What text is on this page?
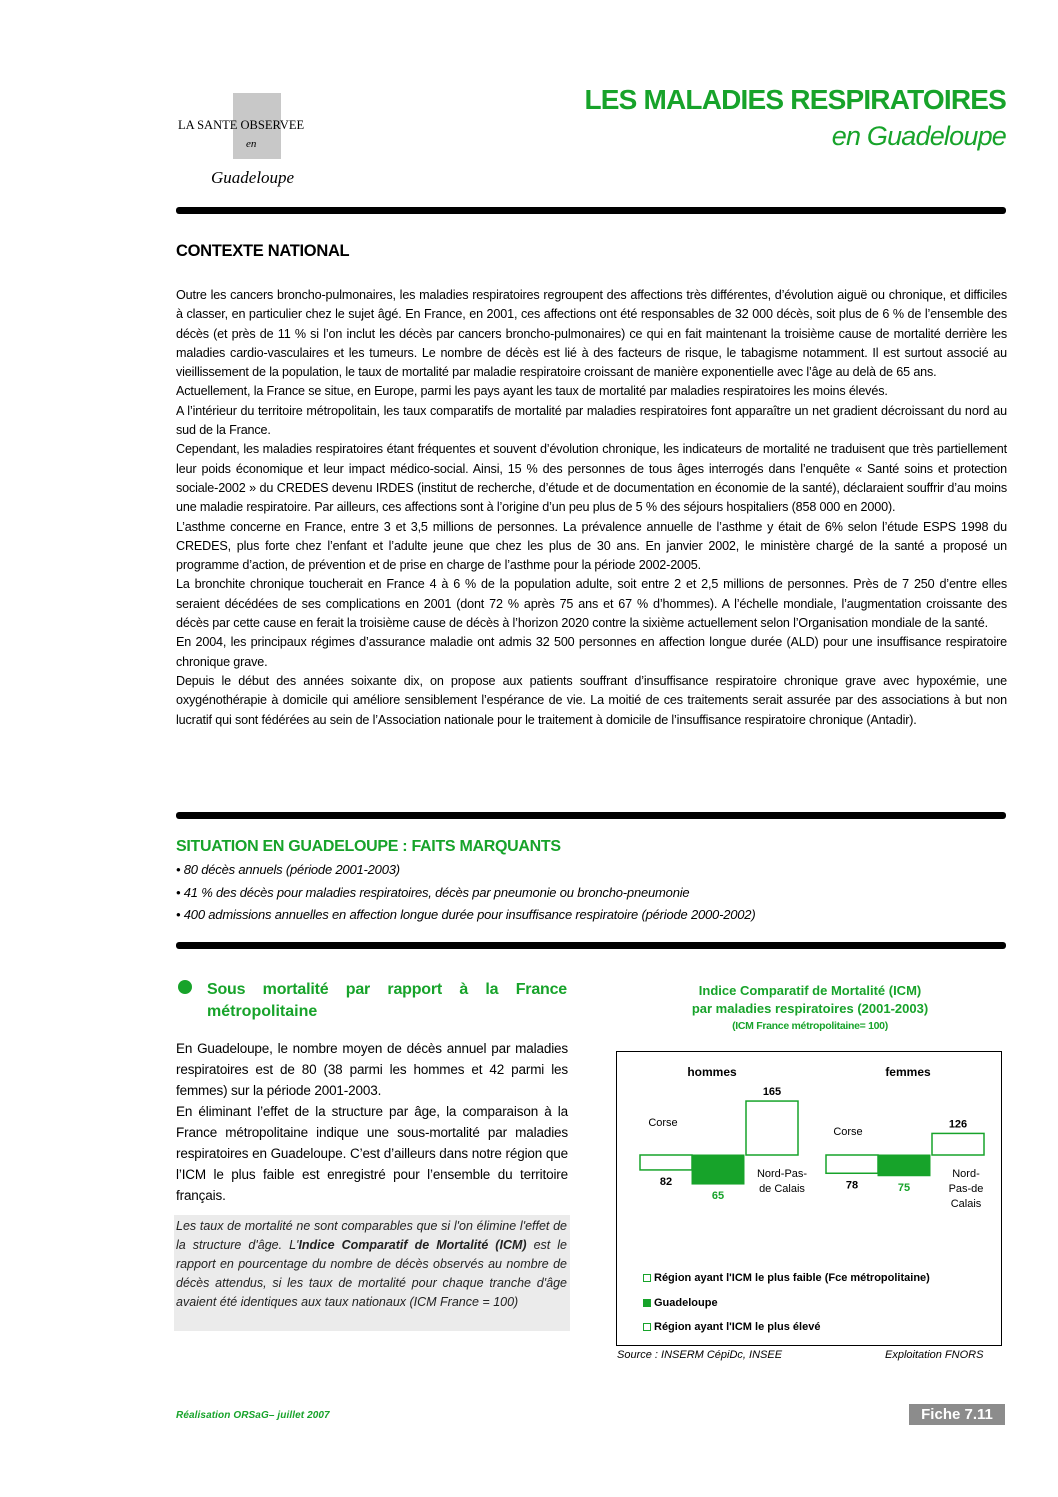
LA SANTE OBSERVEE
en
Guadeloupe
LES MALADIES RESPIRATOIRES
en Guadeloupe
CONTEXTE NATIONAL

Outre les cancers broncho-pulmonaires, les maladies respiratoires regroupent des affections très différentes, d’évolution aiguë ou chronique, et difficiles à classer, en particulier chez le sujet âgé. En France, en 2001, ces affections ont été responsables de 32 000 décès, soit plus de 6 % de l’ensemble des décès (et près de 11 % si l’on inclut les décès par cancers broncho-pulmonaires) ce qui en fait maintenant la troisième cause de mortalité derrière les maladies cardio-vasculaires et les tumeurs. Le nombre de décès est lié à des facteurs de risque, le tabagisme notamment. Il est surtout associé au vieillissement de la population, le taux de mortalité par maladie respiratoire croissant de manière exponentielle avec l’âge au delà de 65 ans.

Actuellement, la France se situe, en Europe, parmi les pays ayant les taux de mortalité par maladies respiratoires les moins élevés.

A l’intérieur du territoire métropolitain, les taux comparatifs de mortalité par maladies respiratoires font apparaître un net gradient décroissant du nord au sud de la France.

Cependant, les maladies respiratoires étant fréquentes et souvent d’évolution chronique, les indicateurs de mortalité ne traduisent que très partiellement leur poids économique et leur impact médico-social. Ainsi, 15 % des personnes de tous âges interrogés dans l’enquête « Santé soins et protection sociale-2002 » du CREDES devenu IRDES (institut de recherche, d’étude et de documentation en économie de la santé), déclaraient souffrir d’au moins une maladie respiratoire. Par ailleurs, ces affections sont à l’origine d’un peu plus de 5 % des séjours hospitaliers (858 000 en 2000).

L’asthme concerne en France, entre 3 et 3,5 millions de personnes. La prévalence annuelle de l’asthme y était de 6% selon l’étude ESPS 1998 du CREDES, plus forte chez l’enfant et l’adulte jeune que chez les plus de 30 ans. En janvier 2002, le ministère chargé de la santé a proposé un programme d’action, de prévention et de prise en charge de l’asthme pour la période 2002-2005.

La bronchite chronique toucherait en France 4 à 6 % de la population adulte, soit entre 2 et 2,5 millions de personnes. Près de 7 250 d’entre elles seraient décédées de ses complications en 2001 (dont 72 % après 75 ans et 67 % d’hommes). A l’échelle mondiale, l’augmentation croissante des décès par cette cause en ferait la troisième cause de décès à l’horizon 2020 contre la sixième actuellement selon l’Organisation mondiale de la santé.

En 2004, les principaux régimes d’assurance maladie ont admis 32 500 personnes en affection longue durée (ALD) pour une insuffisance respiratoire chronique grave.

Depuis le début des années soixante dix, on propose aux patients souffrant d’insuffisance respiratoire chronique grave avec hypoxémie, une oxygénothérapie à domicile qui améliore sensiblement l’espérance de vie. La moitié de ces traitements serait assurée par des associations à but non lucratif qui sont fédérées au sein de l’Association nationale pour le traitement à domicile de l’insuffisance respiratoire chronique (Antadir).

SITUATION EN GUADELOUPE : FAITS MARQUANTS
• 80 décès annuels (période 2001-2003)
• 41 % des décès pour maladies respiratoires, décès par pneumonie ou broncho-pneumonie
• 400 admissions annuelles en affection longue durée pour insuffisance respiratoire (période 2000-2002)
Sous mortalité par rapport à la France
métropolitaine

En Guadeloupe, le nombre moyen de décès annuel par maladies respiratoires est de 80 (38 parmi les hommes et 42 parmi les femmes) sur la période 2001-2003.

En éliminant l’effet de la structure par âge, la comparaison à la France métropolitaine indique une sous-mortalité par maladies respiratoires en Guadeloupe. C’est d’ailleurs dans notre région que l’ICM le plus faible est enregistré pour l’ensemble du territoire français.

Les taux de mortalité ne sont comparables que si l'on élimine l'effet de la structure d'âge. L'Indice Comparatif de Mortalité (ICM) est le rapport en pourcentage du nombre de décès observés au nombre de décès attendus, si les taux de mortalité pour chaque tranche d'âge avaient été identiques aux taux nationaux (ICM France = 100)
Indice Comparatif de Mortalité (ICM)
par maladies respiratoires (2001-2003)
(ICM France métropolitaine= 100)
hommes	femmes
82
65
165
78	75
126
Corse
Nord-Pas-
de Calais
Corse
Nord-
Pas-de
Calais
Région ayant l'ICM le plus faible (Fce métropolitaine)
Guadeloupe
Région ayant l'ICM le plus élevé
Source : INSERM CépiDc, INSEE	Exploitation FNORS
Réalisation ORSaG– juillet 2007	Fiche 7.11
